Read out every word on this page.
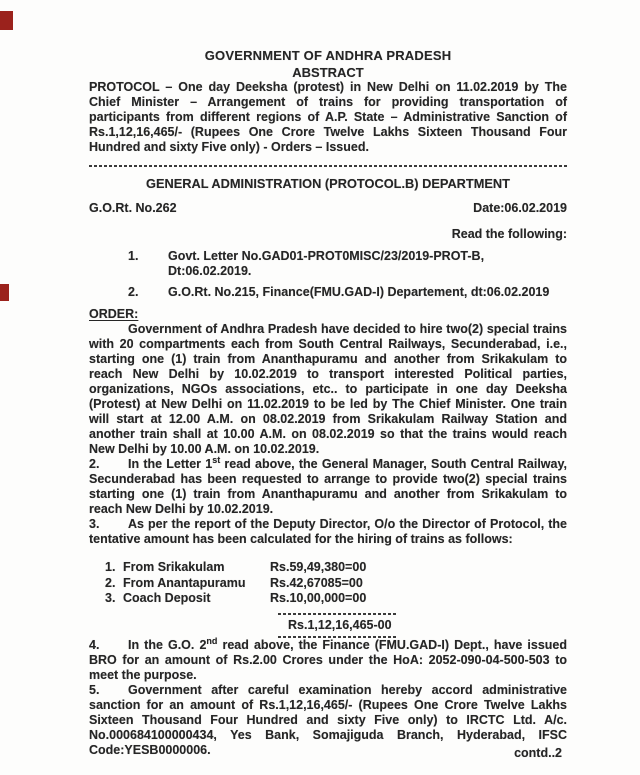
GOVERNMENT OF ANDHRA PRADESH
ABSTRACT

PROTOCOL – One day Deeksha (protest) in New Delhi on 11.02.2019 by The Chief Minister – Arrangement of trains for providing transportation of participants from different regions of A.P. State – Administrative Sanction of Rs.1,12,16,465/- (Rupees One Crore Twelve Lakhs Sixteen Thousand Four Hundred and sixty Five only) - Orders – Issued.

GENERAL ADMINISTRATION (PROTOCOL.B) DEPARTMENT
G.O.Rt. No.262	Date:06.02.2019
Read the following:
1.	Govt. Letter No.GAD01-PROT0MISC/23/2019-PROT-B, Dt:06.02.2019.
2.	G.O.Rt. No.215, Finance(FMU.GAD-I) Departement, dt:06.02.2019
ORDER:

Government of Andhra Pradesh have decided to hire two(2) special trains with 20 compartments each from South Central Railways, Secunderabad, i.e., starting one (1) train from Ananthapuramu and another from Srikakulam to reach New Delhi by 10.02.2019 to transport interested Political parties, organizations, NGOs associations, etc.. to participate in one day Deeksha (Protest) at New Delhi on 11.02.2019 to be led by The Chief Minister. One train will start at 12.00 A.M. on 08.02.2019 from Srikakulam Railway Station and another train shall at 10.00 A.M. on 08.02.2019 so that the trains would reach New Delhi by 10.00 A.M. on 10.02.2019.

2. In the Letter 1st read above, the General Manager, South Central Railway, Secunderabad has been requested to arrange to provide two(2) special trains starting one (1) train from Ananthapuramu and another from Srikakulam to reach New Delhi by 10.02.2019.

3. As per the report of the Deputy Director, O/o the Director of Protocol, the tentative amount has been calculated for the hiring of trains as follows:

1. From Srikakulam	Rs.59,49,380=00
2. From Anantapuramu	Rs.42,67085=00
3. Coach Deposit	Rs.10,00,000=00
Rs.1,12,16,465-00

4. In the G.O. 2nd read above, the Finance (FMU.GAD-I) Dept., have issued BRO for an amount of Rs.2.00 Crores under the HoA: 2052-090-04-500-503 to meet the purpose.

5. Government after careful examination hereby accord administrative sanction for an amount of Rs.1,12,16,465/- (Rupees One Crore Twelve Lakhs Sixteen Thousand Four Hundred and sixty Five only) to IRCTC Ltd. A/c. No.000684100000434, Yes Bank, Somajiguda Branch, Hyderabad, IFSC Code:YESB0000006.	contd..2
